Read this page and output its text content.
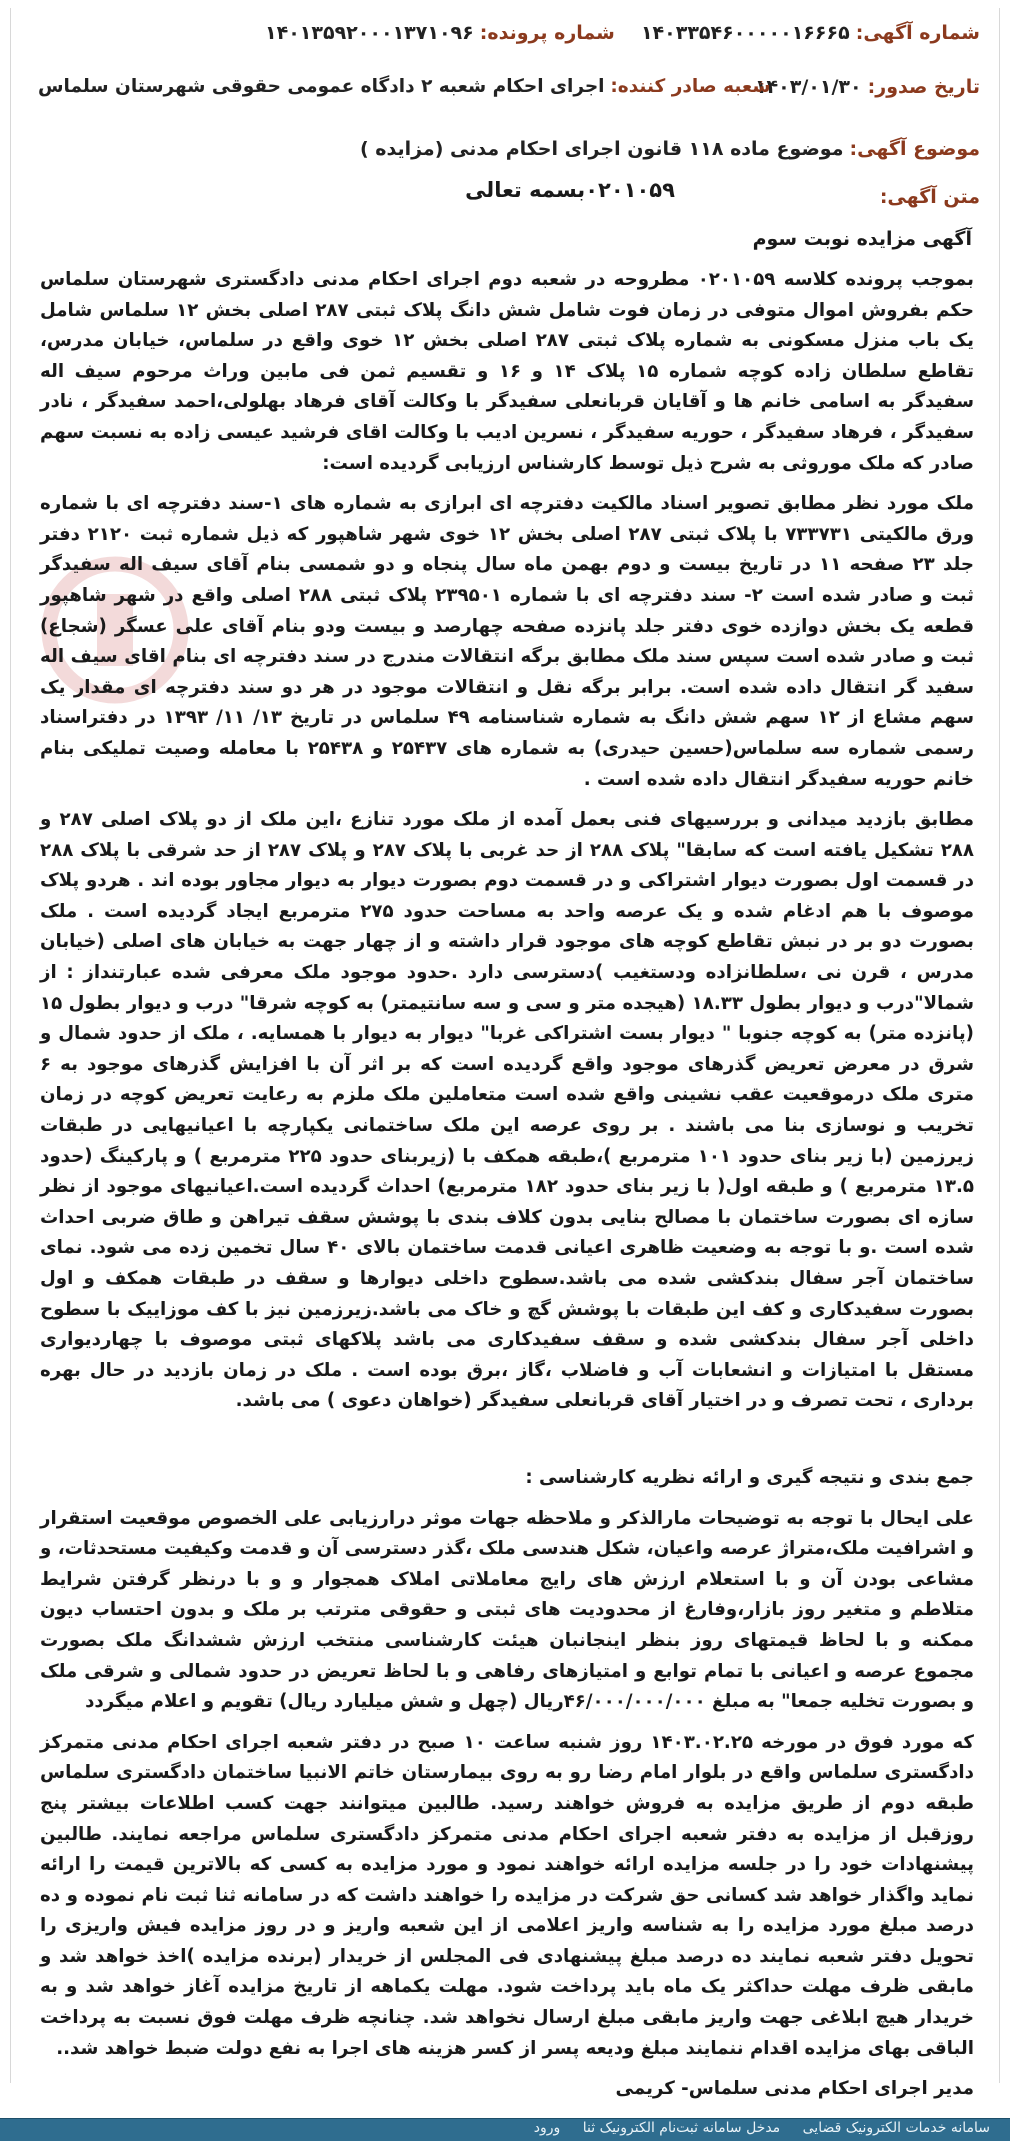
شماره آگهی: ۱۴۰۳۳۵۴۶۰۰۰۰۰۱۶۶۶۵
شماره پرونده: ۱۴۰۱۳۵۹۲۰۰۰۱۳۷۱۰۹۶
تاریخ صدور: ۱۴۰۳/۰۱/۳۰
شعبه صادر کننده: اجرای احکام شعبه ۲ دادگاه عمومی حقوقی شهرستان سلماس
موضوع آگهی: موضوع ماده ۱۱۸ قانون اجرای احکام مدنی (مزایده )
متن آگهی:
۰۲۰۱۰۵۹بسمه تعالی
آگهی مزایده نوبت سوم

بموجب پرونده کلاسه ۰۲۰۱۰۵۹ مطروحه در شعبه دوم اجرای احکام مدنی دادگستری شهرستان سلماس حکم بفروش اموال متوفی در زمان فوت شامل شش دانگ پلاک ثبتی ۲۸۷ اصلی بخش ۱۲ سلماس شامل یک باب منزل مسکونی به شماره پلاک ثبتی ۲۸۷ اصلی بخش ۱۲ خوی واقع در سلماس، خیابان مدرس، تقاطع سلطان زاده کوچه شماره ۱۵ پلاک ۱۴ و ۱۶ و تقسیم ثمن فی مابین وراث مرحوم سیف اله سفیدگر به اسامی خانم ها و آقایان قربانعلی سفیدگر با وکالت آقای فرهاد بهلولی،احمد سفیدگر ، نادر سفیدگر ، فرهاد سفیدگر ، حوریه سفیدگر ، نسرین ادیب با وکالت اقای فرشید عیسی زاده به نسبت سهم صادر که ملک موروثی به شرح ذیل توسط کارشناس ارزیابی گردیده است:

ملک مورد نظر مطابق تصویر اسناد مالکیت دفترچه ای ابرازی به شماره های ۱-سند دفترچه ای با شماره ورق مالکیتی ۷۳۳۷۳۱ با پلاک ثبتی ۲۸۷ اصلی بخش ۱۲ خوی شهر شاهپور که ذیل شماره ثبت ۲۱۲۰ دفتر جلد ۲۳ صفحه ۱۱ در تاریخ بیست و دوم بهمن ماه سال پنجاه و دو شمسی بنام آقای سیف اله سفیدگر ثبت و صادر شده است ۲- سند دفترچه ای با شماره ۲۳۹۵۰۱ پلاک ثبتی ۲۸۸ اصلی واقع در شهر شاهپور قطعه یک بخش دوازده خوی دفتر جلد پانزده صفحه چهارصد و بیست ودو بنام آقای علی عسگر (شجاع) ثبت و صادر شده است سپس سند ملک مطابق برگه انتقالات مندرج در سند دفترچه ای بنام اقای سیف اله سفید گر انتقال داده شده است. برابر برگه نقل و انتقالات موجود در هر دو سند دفترچه ای مقدار یک سهم مشاع از ۱۲ سهم شش دانگ به شماره شناسنامه ۴۹ سلماس در تاریخ ۱۳/ ۱۱/ ۱۳۹۳ در دفتراسناد رسمی شماره سه سلماس(حسین حیدری) به شماره های ۲۵۴۳۷ و ۲۵۴۳۸ با معامله وصیت تملیکی بنام خانم حوریه سفیدگر انتقال داده شده است .

مطابق بازدید میدانی و بررسیهای فنی بعمل آمده از ملک مورد تنازع ،این ملک از دو پلاک اصلی ۲۸۷ و ۲۸۸ تشکیل یافته است که سابقا" پلاک ۲۸۸ از حد غربی با پلاک ۲۸۷ و پلاک ۲۸۷ از حد شرقی با پلاک ۲۸۸ در قسمت اول بصورت دیوار اشتراکی و در قسمت دوم بصورت دیوار به دیوار مجاور بوده اند . هردو پلاک موصوف با هم ادغام شده و یک عرصه واحد به مساحت حدود ۲۷۵ مترمربع ایجاد گردیده است . ملک بصورت دو بر در نبش تقاطع کوچه های موجود قرار داشته و از چهار جهت به خیابان های اصلی (خیابان مدرس ، قرن نی ،سلطانزاده ودستغیب )دسترسی دارد .حدود موجود ملک معرفی شده عبارتنداز : از شمالا"درب و دیوار بطول ۱۸.۳۳ (هیجده متر و سی و سه سانتیمتر) به کوچه شرقا" درب و دیوار بطول ۱۵ (پانزده متر) به کوچه جنوبا " دیوار بست اشتراکی غربا" دیوار به دیوار با همسایه. ، ملک از حدود شمال و شرق در معرض تعریض گذرهای موجود واقع گردیده است که بر اثر آن با افزایش گذرهای موجود به ۶ متری ملک درموقعیت عقب نشینی واقع شده است متعاملین ملک ملزم به رعایت تعریض کوچه در زمان تخریب و نوسازی بنا می باشند . بر روی عرصه این ملک ساختمانی یکپارچه با اعیانیهایی در طبقات زیرزمین (با زیر بنای حدود ۱۰۱ مترمربع )،طبقه همکف با (زیربنای حدود ۲۲۵ مترمربع ) و پارکینگ (حدود ۱۳.۵ مترمربع ) و طبقه اول( با زیر بنای حدود ۱۸۲ مترمربع) احداث گردیده است.اعیانیهای موجود از نظر سازه ای بصورت ساختمان با مصالح بنایی بدون کلاف بندی با پوشش سقف تیراهن و طاق ضربی احداث شده است .و با توجه به وضعیت ظاهری اعیانی قدمت ساختمان بالای ۴۰ سال تخمین زده می شود. نمای ساختمان آجر سفال بندکشی شده می باشد.سطوح داخلی دیوارها و سقف در طبقات همکف و اول بصورت سفیدکاری و کف این طبقات با پوشش گچ و خاک می باشد.زیرزمین نیز با کف موزاییک با سطوح داخلی آجر سفال بندکشی شده و سقف سفیدکاری می باشد پلاکهای ثبتی موصوف با چهاردیواری مستقل با امتیازات و انشعابات آب و فاضلاب ،گاز ،برق بوده است . ملک در زمان بازدید در حال بهره برداری ، تحت تصرف و در اختیار آقای قربانعلی سفیدگر (خواهان دعوی ) می باشد.

جمع بندی و نتیجه گیری و ارائه نظریه کارشناسی :

علی ایحال با توجه به توضیحات مارالذکر و ملاحظه جهات موثر درارزیابی علی الخصوص موقعیت استقرار و اشرافیت ملک،متراژ عرصه واعیان، شکل هندسی ملک ،گذر دسترسی آن و قدمت وکیفیت مستحدثات، و مشاعی بودن آن و با استعلام ارزش های رایج معاملاتی املاک همجوار و و با درنظر گرفتن شرایط متلاطم و متغیر روز بازار،وفارغ از محدودیت های ثبتی و حقوقی مترتب بر ملک و بدون احتساب دیون ممکنه و با لحاظ قیمتهای روز بنظر اینجانبان هیئت کارشناسی منتخب ارزش ششدانگ ملک بصورت مجموع عرصه و اعیانی با تمام توابع و امتیازهای رفاهی و با لحاظ تعریض در حدود شمالی و شرقی ملک و بصورت تخلیه جمعا" به مبلغ ۴۶/۰۰۰/۰۰۰/۰۰۰ریال (چهل و شش میلیارد ریال) تقویم و اعلام میگردد

که مورد فوق در مورخه ۱۴۰۳.۰۲.۲۵ روز شنبه ساعت ۱۰ صبح در دفتر شعبه اجرای احکام مدنی متمرکز دادگستری سلماس واقع در بلوار امام رضا رو به روی بیمارستان خاتم الانبیا ساختمان دادگستری سلماس طبقه دوم از طریق مزایده به فروش خواهند رسید. طالبین میتوانند جهت کسب اطلاعات بیشتر پنج روزقبل از مزایده به دفتر شعبه اجرای احکام مدنی متمرکز دادگستری سلماس مراجعه نمایند. طالبین پیشنهادات خود را در جلسه مزایده ارائه خواهند نمود و مورد مزایده به کسی که بالاترین قیمت را ارائه نماید واگذار خواهد شد کسانی حق شرکت در مزایده را خواهند داشت که در سامانه ثنا ثبت نام نموده و ده درصد مبلغ مورد مزایده را به شناسه واریز اعلامی از این شعبه واریز و در روز مزایده فیش واریزی را تحویل دفتر شعبه نمایند ده درصد مبلغ پیشنهادی فی المجلس از خریدار (برنده مزایده )اخذ خواهد شد و مابقی ظرف مهلت حداکثر یک ماه باید پرداخت شود. مهلت یکماهه از تاریخ مزایده آغاز خواهد شد و به خریدار هیچ ابلاغی جهت واریز مابقی مبلغ ارسال نخواهد شد. چنانچه ظرف مهلت فوق نسبت به پرداخت الباقی بهای مزایده اقدام ننمایند مبلغ ودیعه پسر از کسر هزینه های اجرا به نفع دولت ضبط خواهد شد..

مدیر اجرای احکام مدنی سلماس- کریمی

سامانه خدمات الکترونیک قضایی مدخل سامانه ثبت‌نام الکترونیک ثنا ورود
